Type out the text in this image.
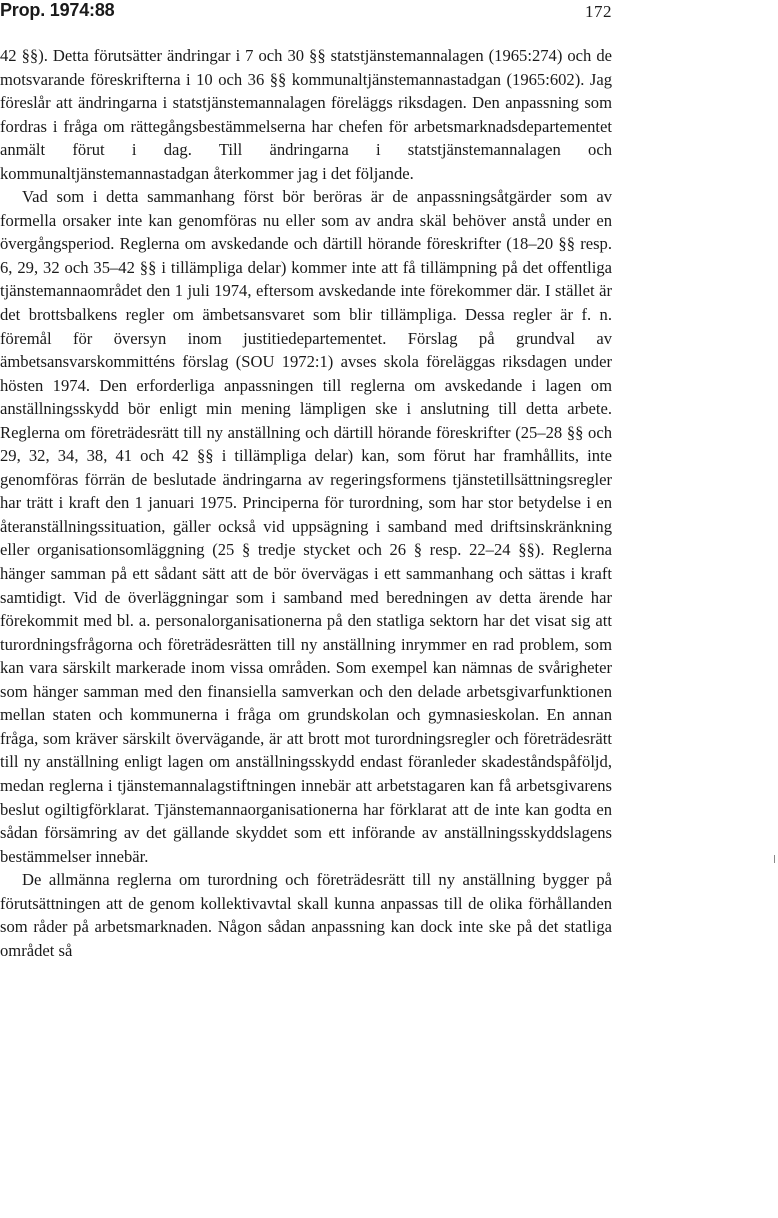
Prop. 1974:88	172

42 §§). Detta förutsätter ändringar i 7 och 30 §§ statstjänstemannalagen (1965:274) och de motsvarande föreskrifterna i 10 och 36 §§ kommunaltjänstemannastadgan (1965:602). Jag föreslår att ändringarna i statstjänstemannalagen föreläggs riksdagen. Den anpassning som fordras i fråga om rättegångsbestämmelserna har chefen för arbetsmarknadsdepartementet anmält förut i dag. Till ändringarna i statstjänstemannalagen och kommunaltjänstemannastadgan återkommer jag i det följande.

Vad som i detta sammanhang först bör beröras är de anpassningsåtgärder som av formella orsaker inte kan genomföras nu eller som av andra skäl behöver anstå under en övergångsperiod. Reglerna om avskedande och därtill hörande föreskrifter (18–20 §§ resp. 6, 29, 32 och 35–42 §§ i tillämpliga delar) kommer inte att få tillämpning på det offentliga tjänstemannaområdet den 1 juli 1974, eftersom avskedande inte förekommer där. I stället är det brottsbalkens regler om ämbetsansvaret som blir tillämpliga. Dessa regler är f. n. föremål för översyn inom justitiedepartementet. Förslag på grundval av ämbetsansvarskommitténs förslag (SOU 1972:1) avses skola föreläggas riksdagen under hösten 1974. Den erforderliga anpassningen till reglerna om avskedande i lagen om anställningsskydd bör enligt min mening lämpligen ske i anslutning till detta arbete. Reglerna om företrädesrätt till ny anställning och därtill hörande föreskrifter (25–28 §§ och 29, 32, 34, 38, 41 och 42 §§ i tillämpliga delar) kan, som förut har framhållits, inte genomföras förrän de beslutade ändringarna av regeringsformens tjänstetillsättningsregler har trätt i kraft den 1 januari 1975. Principerna för turordning, som har stor betydelse i en återanställningssituation, gäller också vid uppsägning i samband med driftsinskränkning eller organisationsomläggning (25 § tredje stycket och 26 § resp. 22–24 §§). Reglerna hänger samman på ett sådant sätt att de bör övervägas i ett sammanhang och sättas i kraft samtidigt. Vid de överläggningar som i samband med beredningen av detta ärende har förekommit med bl. a. personalorganisationerna på den statliga sektorn har det visat sig att turordningsfrågorna och företrädesrätten till ny anställning inrymmer en rad problem, som kan vara särskilt markerade inom vissa områden. Som exempel kan nämnas de svårigheter som hänger samman med den finansiella samverkan och den delade arbetsgivarfunktionen mellan staten och kommunerna i fråga om grundskolan och gymnasieskolan. En annan fråga, som kräver särskilt övervägande, är att brott mot turordningsregler och företrädesrätt till ny anställning enligt lagen om anställningsskydd endast föranleder skadeståndspåföljd, medan reglerna i tjänstemannalagstiftningen innebär att arbetstagaren kan få arbetsgivarens beslut ogiltigförklarat. Tjänstemannaorganisationerna har förklarat att de inte kan godta en sådan försämring av det gällande skyddet som ett införande av anställningsskyddslagens bestämmelser innebär.

De allmänna reglerna om turordning och företrädesrätt till ny anställning bygger på förutsättningen att de genom kollektivavtal skall kunna anpassas till de olika förhållanden som råder på arbetsmarknaden. Någon sådan anpassning kan dock inte ske på det statliga området så
